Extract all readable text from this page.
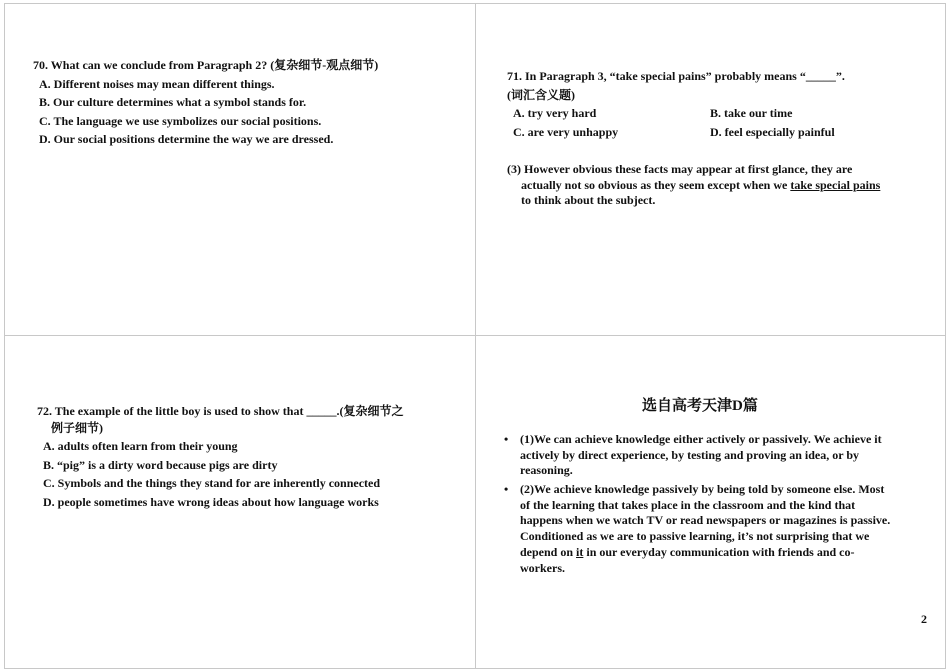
70. What can we conclude from Paragraph 2? (复杂细节-观点细节)

A. Different noises may mean different things.

B. Our culture determines what a symbol stands for.

C. The language we use symbolizes our social positions.

D. Our social positions determine the way we are dressed.

71. In Paragraph 3, “take special pains” probably means “_____”.

(词汇含义题)

A. try very hard	B. take our time
C. are very unhappy	D. feel especially painful

(3) However obvious these facts may appear at first glance, they are

actually not so obvious as they seem except when we take special pains

to think about the subject.

72. The example of the little boy is used to show that _____.(复杂细节之

例子细节)

A. adults often learn from their young

B. “pig” is a dirty word because pigs are dirty

C. Symbols and the things they stand for are inherently connected

D. people sometimes have wrong ideas about how language works

选自高考天津D篇
• (1)We can achieve knowledge either actively or passively. We achieve it
actively by direct experience, by testing and proving an idea, or by
reasoning.
• (2)We achieve knowledge passively by being told by someone else. Most
of the learning that takes place in the classroom and the kind that
happens when we watch TV or read newspapers or magazines is passive.
Conditioned as we are to passive learning, it’s not surprising that we
depend on it in our everyday communication with friends and co-
workers.
2
